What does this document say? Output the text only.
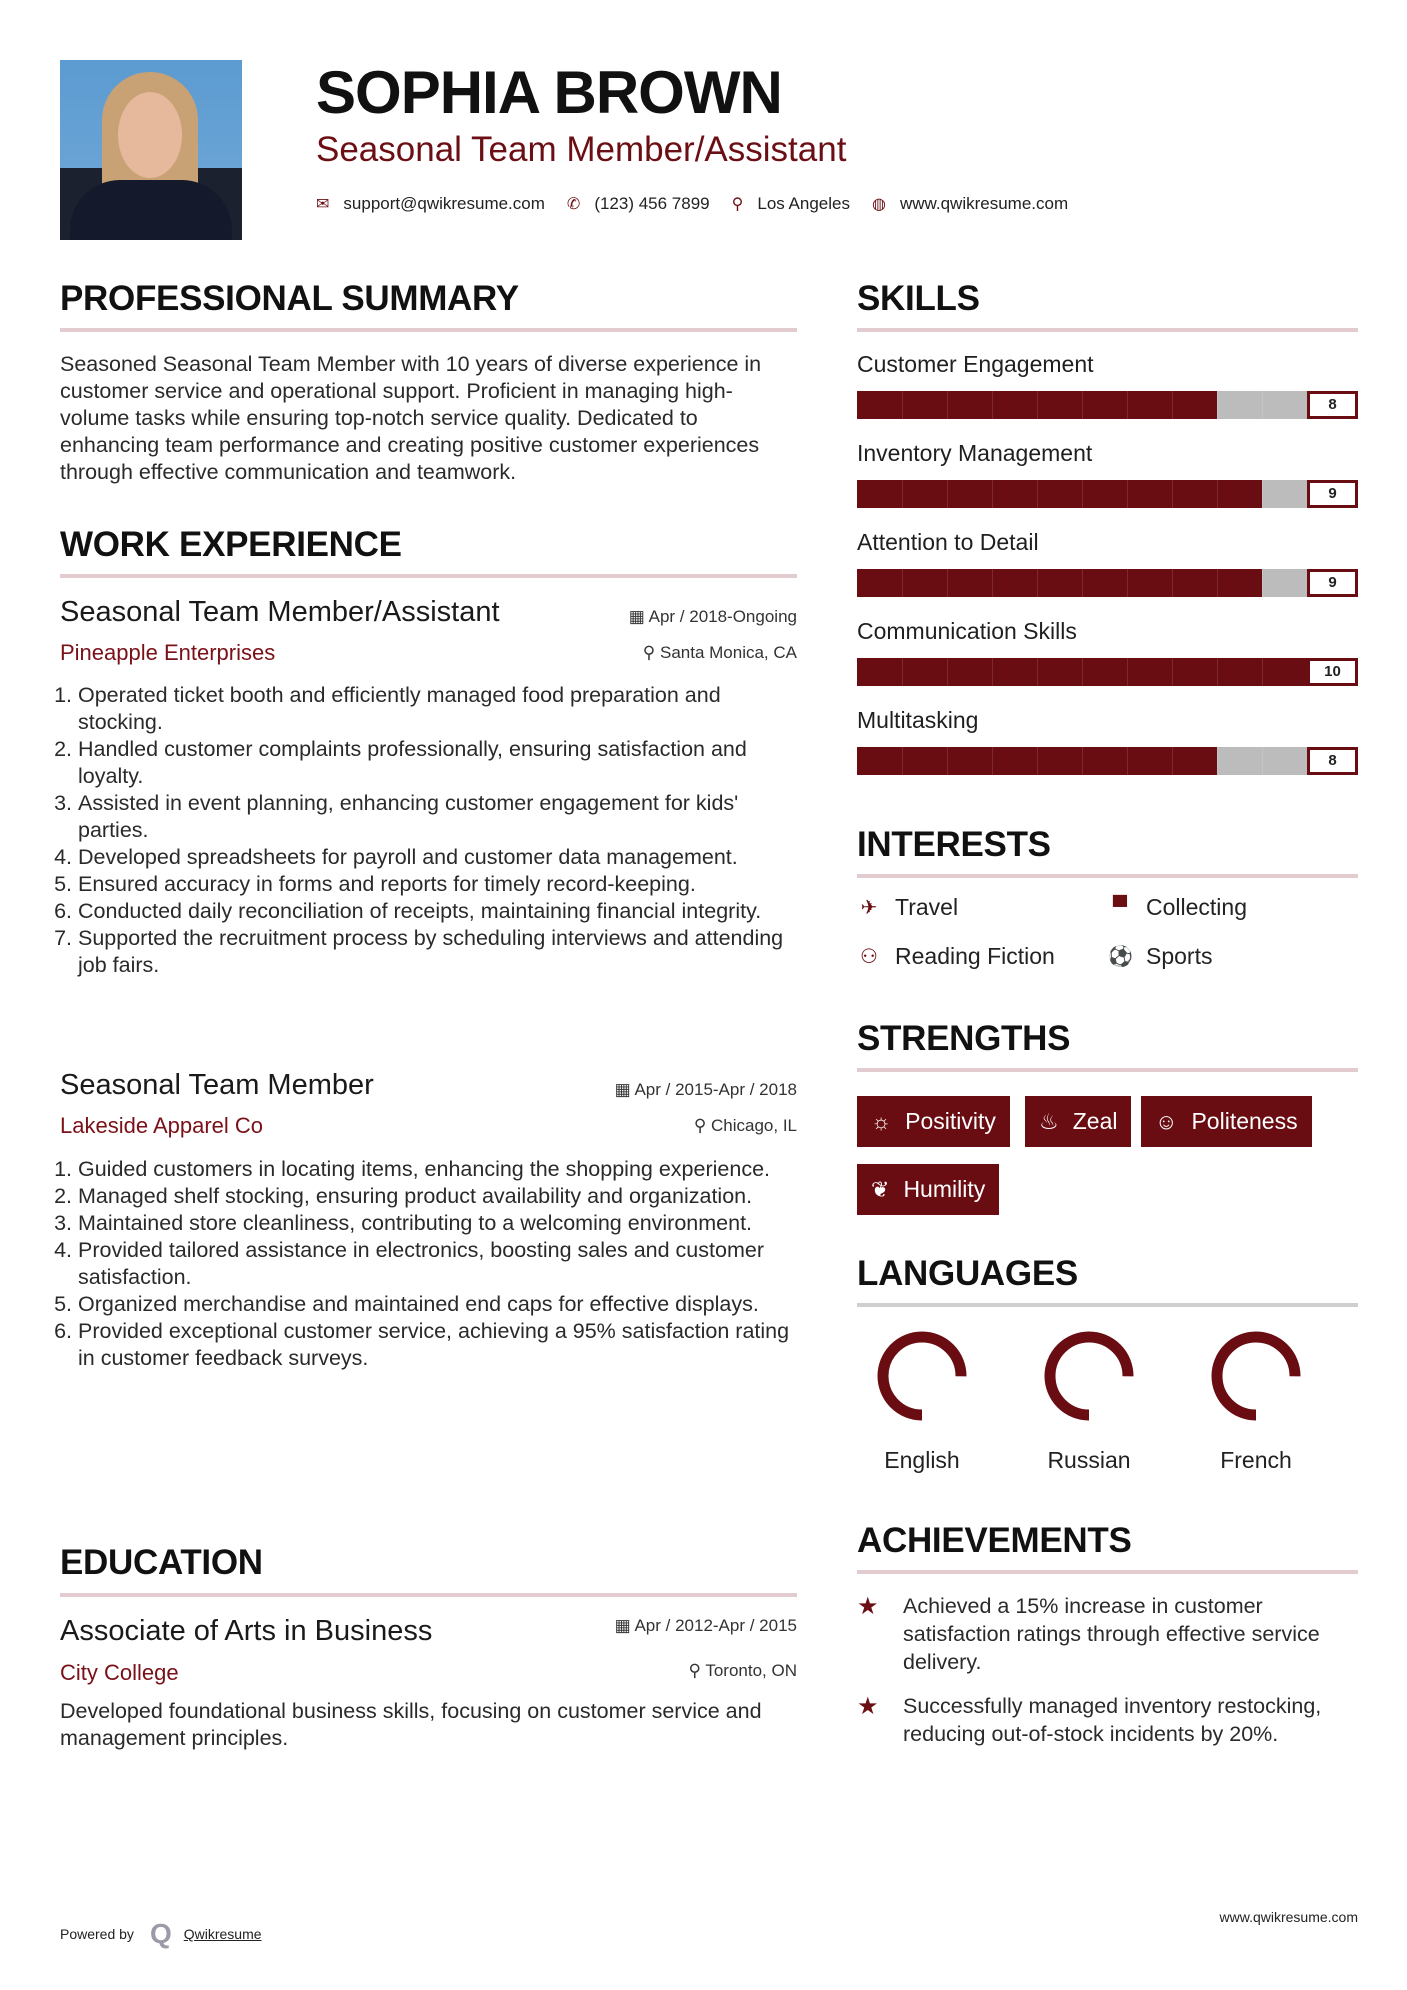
SOPHIA BROWN
Seasonal Team Member/Assistant
✉ support@qwikresume.com ✆ (123) 456 7899 ⚲ Los Angeles ◍ www.qwikresume.com
PROFESSIONAL SUMMARY
Seasoned Seasonal Team Member with 10 years of diverse experience in customer service and operational support. Proficient in managing high-volume tasks while ensuring top-notch service quality. Dedicated to enhancing team performance and creating positive customer experiences through effective communication and teamwork.
WORK EXPERIENCE
Seasonal Team Member/Assistant	▦ Apr / 2018-Ongoing
Pineapple Enterprises	⚲ Santa Monica, CA
1. Operated ticket booth and efficiently managed food preparation and stocking.
2. Handled customer complaints professionally, ensuring satisfaction and loyalty.
3. Assisted in event planning, enhancing customer engagement for kids' parties.
4. Developed spreadsheets for payroll and customer data management.
5. Ensured accuracy in forms and reports for timely record-keeping.
6. Conducted daily reconciliation of receipts, maintaining financial integrity.
7. Supported the recruitment process by scheduling interviews and attending job fairs.
Seasonal Team Member	▦ Apr / 2015-Apr / 2018
Lakeside Apparel Co	⚲ Chicago, IL
1. Guided customers in locating items, enhancing the shopping experience.
2. Managed shelf stocking, ensuring product availability and organization.
3. Maintained store cleanliness, contributing to a welcoming environment.
4. Provided tailored assistance in electronics, boosting sales and customer satisfaction.
5. Organized merchandise and maintained end caps for effective displays.
6. Provided exceptional customer service, achieving a 95% satisfaction rating in customer feedback surveys.
EDUCATION
Associate of Arts in Business	▦ Apr / 2012-Apr / 2015
City College	⚲ Toronto, ON
Developed foundational business skills, focusing on customer service and management principles.
SKILLS
Customer Engagement
8
Inventory Management
9
Attention to Detail
9
Communication Skills
10
Multitasking
8
INTERESTS
✈ Travel	▀ Collecting
⚇ Reading Fiction	⚽ Sports
STRENGTHS
☼ Positivity ♨ Zeal ☺ Politeness
❦ Humility
LANGUAGES
English	Russian	French
ACHIEVEMENTS
★	Achieved a 15% increase in customer satisfaction ratings through effective service delivery.
★	Successfully managed inventory restocking, reducing out-of-stock incidents by 20%.
Powered by Q Qwikresume
www.qwikresume.com
